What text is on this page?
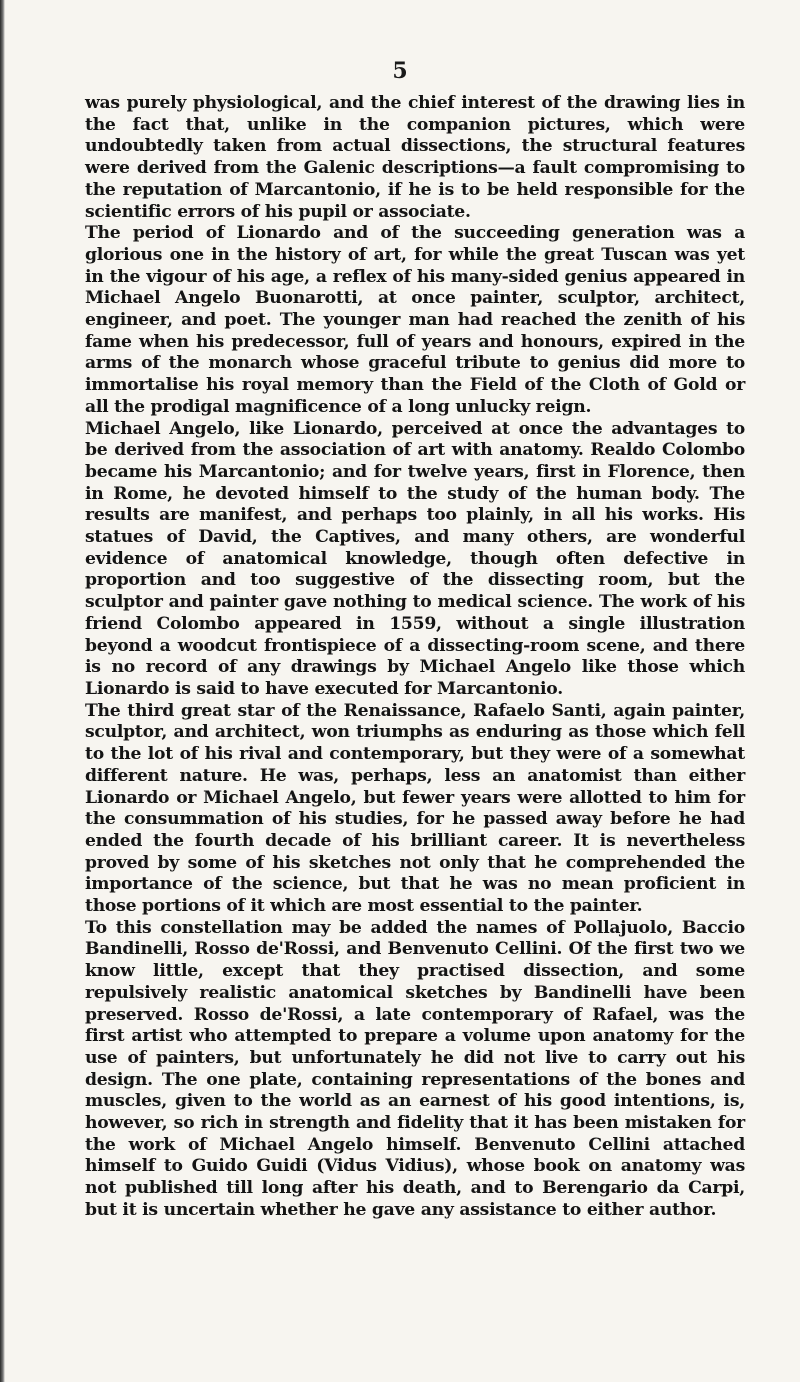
5

was purely physiological, and the chief interest of the drawing lies in the fact that, unlike in the companion pictures, which were undoubtedly taken from actual dissections, the structural features were derived from the Galenic descriptions—a fault compromising to the reputation of Marcantonio, if he is to be held responsible for the scientific errors of his pupil or associate.

The period of Lionardo and of the succeeding generation was a glorious one in the history of art, for while the great Tuscan was yet in the vigour of his age, a reflex of his many-sided genius appeared in Michael Angelo Buonarotti, at once painter, sculptor, architect, engineer, and poet. The younger man had reached the zenith of his fame when his predecessor, full of years and honours, expired in the arms of the monarch whose graceful tribute to genius did more to immortalise his royal memory than the Field of the Cloth of Gold or all the prodigal magnificence of a long unlucky reign.

Michael Angelo, like Lionardo, perceived at once the advantages to be derived from the association of art with anatomy. Realdo Colombo became his Marcantonio; and for twelve years, first in Florence, then in Rome, he devoted himself to the study of the human body. The results are manifest, and perhaps too plainly, in all his works. His statues of David, the Captives, and many others, are wonderful evidence of anatomical knowledge, though often defective in proportion and too suggestive of the dissecting room, but the sculptor and painter gave nothing to medical science. The work of his friend Colombo appeared in 1559, without a single illustration beyond a woodcut frontispiece of a dissecting-room scene, and there is no record of any drawings by Michael Angelo like those which Lionardo is said to have executed for Marcantonio.

The third great star of the Renaissance, Rafaelo Santi, again painter, sculptor, and architect, won triumphs as enduring as those which fell to the lot of his rival and contemporary, but they were of a somewhat different nature. He was, perhaps, less an anatomist than either Lionardo or Michael Angelo, but fewer years were allotted to him for the consummation of his studies, for he passed away before he had ended the fourth decade of his brilliant career. It is nevertheless proved by some of his sketches not only that he comprehended the importance of the science, but that he was no mean proficient in those portions of it which are most essential to the painter.

To this constellation may be added the names of Pollajuolo, Baccio Bandinelli, Rosso de'Rossi, and Benvenuto Cellini. Of the first two we know little, except that they practised dissection, and some repulsively realistic anatomical sketches by Bandinelli have been preserved. Rosso de'Rossi, a late contemporary of Rafael, was the first artist who attempted to prepare a volume upon anatomy for the use of painters, but unfortunately he did not live to carry out his design. The one plate, containing representations of the bones and muscles, given to the world as an earnest of his good intentions, is, however, so rich in strength and fidelity that it has been mistaken for the work of Michael Angelo himself. Benvenuto Cellini attached himself to Guido Guidi (Vidus Vidius), whose book on anatomy was not published till long after his death, and to Berengario da Carpi, but it is uncertain whether he gave any assistance to either author.
